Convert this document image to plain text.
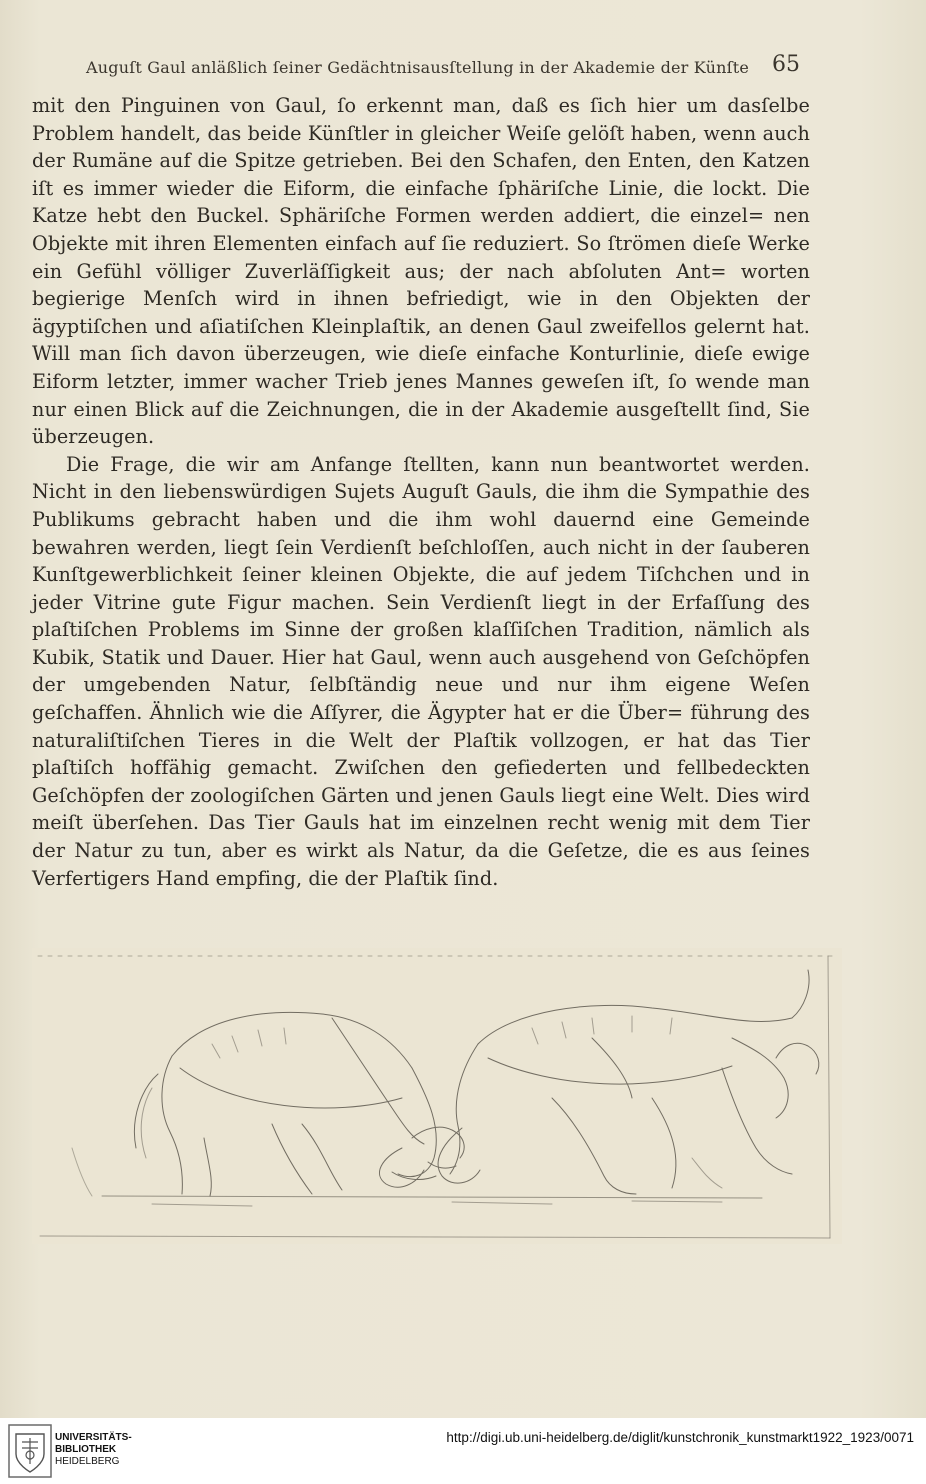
Auguſt Gaul anläßlich ſeiner Gedächtnisausſtellung in der Akademie der Künſte 65

mit den Pinguinen von Gaul, ſo erkennt man, daß es ſich hier um dasſelbe Problem handelt, das beide Künſtler in gleicher Weiſe gelöſt haben, wenn auch der Rumäne auf die Spitze getrieben. Bei den Schafen, den Enten, den Katzen iſt es immer wieder die Eiform, die einfache ſphäriſche Linie, die lockt. Die Katze hebt den Buckel. Sphäriſche Formen werden addiert, die einzel= nen Objekte mit ihren Elementen einfach auf ſie reduziert. So ſtrömen dieſe Werke ein Gefühl völliger Zuverläſſigkeit aus; der nach abſoluten Ant= worten begierige Menſch wird in ihnen befriedigt, wie in den Objekten der ägyptiſchen und aſiatiſchen Kleinplaſtik, an denen Gaul zweifellos gelernt hat. Will man ſich davon überzeugen, wie dieſe einfache Konturlinie, dieſe ewige Eiform letzter, immer wacher Trieb jenes Mannes geweſen iſt, ſo wende man nur einen Blick auf die Zeichnungen, die in der Akademie ausgeſtellt ſind, Sie überzeugen.

Die Frage, die wir am Anfange ſtellten, kann nun beantwortet werden. Nicht in den liebenswürdigen Sujets Auguſt Gauls, die ihm die Sympathie des Publikums gebracht haben und die ihm wohl dauernd eine Gemeinde bewahren werden, liegt ſein Verdienſt beſchloſſen, auch nicht in der ſauberen Kunſtgewerblichkeit ſeiner kleinen Objekte, die auf jedem Tiſchchen und in jeder Vitrine gute Figur machen. Sein Verdienſt liegt in der Erfaſſung des plaſtiſchen Problems im Sinne der großen klaſſiſchen Tradition, nämlich als Kubik, Statik und Dauer. Hier hat Gaul, wenn auch ausgehend von Geſchöpfen der umgebenden Natur, ſelbſtändig neue und nur ihm eigene Weſen geſchaffen. Ähnlich wie die Aſſyrer, die Ägypter hat er die Über= führung des naturaliſtiſchen Tieres in die Welt der Plaſtik vollzogen, er hat das Tier plaſtiſch hoffähig gemacht. Zwiſchen den gefiederten und fellbedeckten Geſchöpfen der zoologiſchen Gärten und jenen Gauls liegt eine Welt. Dies wird meiſt überſehen. Das Tier Gauls hat im einzelnen recht wenig mit dem Tier der Natur zu tun, aber es wirkt als Natur, da die Geſetze, die es aus ſeines Verfertigers Hand empfing, die der Plaſtik ſind.

UNIVERSITÄTS-
BIBLIOTHEK
HEIDELBERG
http://digi.ub.uni-heidelberg.de/diglit/kunstchronik_kunstmarkt1922_1923/0071
